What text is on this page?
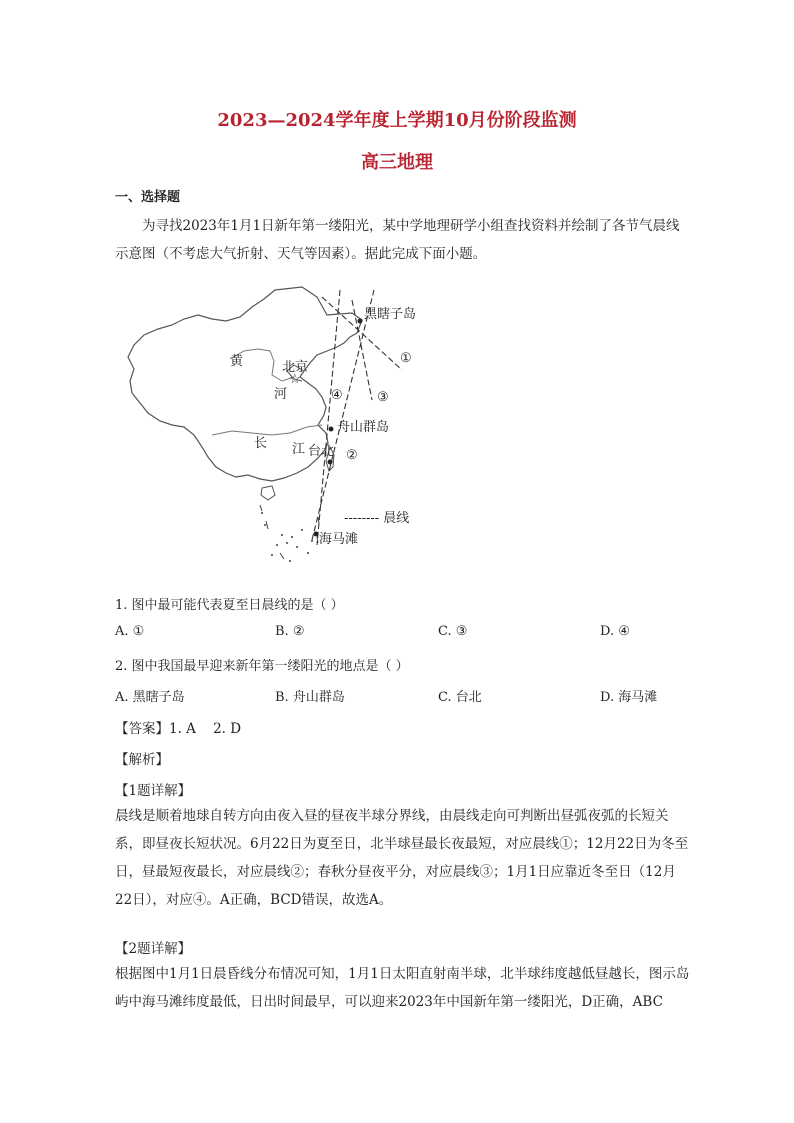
2023—2024学年度上学期10月份阶段监测
高三地理
一、选择题
为寻找2023年1月1日新年第一缕阳光，某中学地理研学小组查找资料并绘制了各节气晨线示意图（不考虑大气折射、天气等因素）。据此完成下面小题。
黑瞎子岛
北京
☆
黄
河
长 江
舟山群岛
台北
海马滩
①
②
③
④
-------- 晨线
1. 图中最可能代表夏至日晨线的是（ ）
A. ①	B. ②	C. ③	D. ④
2. 图中我国最早迎来新年第一缕阳光的地点是（ ）
A. 黑瞎子岛	B. 舟山群岛	C. 台北	D. 海马滩
【答案】1. A    2. D
【解析】
【1题详解】
晨线是顺着地球自转方向由夜入昼的昼夜半球分界线，由晨线走向可判断出昼弧夜弧的长短关系，即昼夜长短状况。6月22日为夏至日，北半球昼最长夜最短，对应晨线①；12月22日为冬至日，昼最短夜最长，对应晨线②；春秋分昼夜平分，对应晨线③；1月1日应靠近冬至日（12月22日），对应④。A正确，BCD错误，故选A。
【2题详解】
根据图中1月1日晨昏线分布情况可知，1月1日太阳直射南半球，北半球纬度越低昼越长，图示岛屿中海马滩纬度最低，日出时间最早，可以迎来2023年中国新年第一缕阳光，D正确，ABC
